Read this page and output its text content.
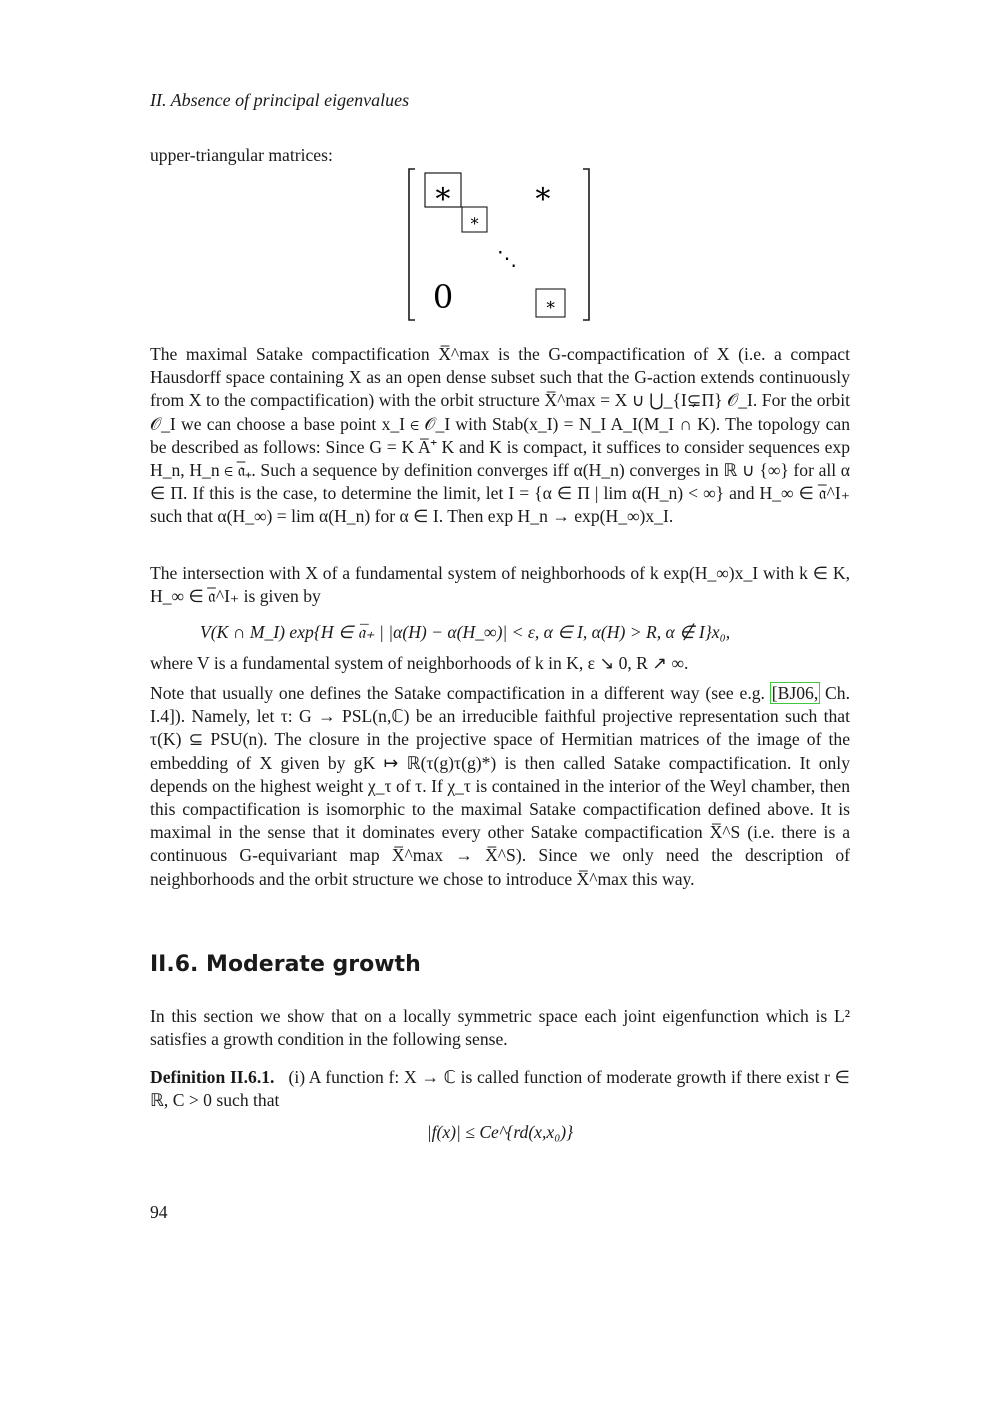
II. Absence of principal eigenvalues
upper-triangular matrices:
∗	∗
∗
⋱
0	∗

The maximal Satake compactification X̅^max is the G-compactification of X (i.e. a compact Hausdorff space containing X as an open dense subset such that the G-action extends continuously from X to the compactification) with the orbit structure X̅^max = X ∪ ⋃_{I⊊Π} 𝒪_I. For the orbit 𝒪_I we can choose a base point x_I ∈ 𝒪_I with Stab(x_I) = N_I A_I(M_I ∩ K). The topology can be described as follows: Since G = K A̅⁺ K and K is compact, it suffices to consider sequences exp H_n, H_n ∈ 𝔞̅₊. Such a sequence by definition converges iff α(H_n) converges in ℝ ∪ {∞} for all α ∈ Π. If this is the case, to determine the limit, let I = {α ∈ Π | lim α(H_n) < ∞} and H_∞ ∈ 𝔞̅^I₊ such that α(H_∞) = lim α(H_n) for α ∈ I. Then exp H_n → exp(H_∞)x_I.

The intersection with X of a fundamental system of neighborhoods of k exp(H_∞)x_I with k ∈ K, H_∞ ∈ 𝔞̅^I₊ is given by

V(K ∩ M_I) exp{H ∈ 𝔞̅₊ | |α(H) − α(H_∞)| < ε, α ∈ I, α(H) > R, α ∉ I}x₀,

where V is a fundamental system of neighborhoods of k in K, ε ↘ 0, R ↗ ∞.

Note that usually one defines the Satake compactification in a different way (see e.g. [BJ06, Ch. I.4]). Namely, let τ: G → PSL(n,ℂ) be an irreducible faithful projective representation such that τ(K) ⊆ PSU(n). The closure in the projective space of Hermitian matrices of the image of the embedding of X given by gK ↦ ℝ(τ(g)τ(g)*) is then called Satake compactification. It only depends on the highest weight χ_τ of τ. If χ_τ is contained in the interior of the Weyl chamber, then this compactification is isomorphic to the maximal Satake compactification defined above. It is maximal in the sense that it dominates every other Satake compactification X̅^S (i.e. there is a continuous G-equivariant map X̅^max → X̅^S). Since we only need the description of neighborhoods and the orbit structure we chose to introduce X̅^max this way.

II.6. Moderate growth

In this section we show that on a locally symmetric space each joint eigenfunction which is L² satisfies a growth condition in the following sense.

Definition II.6.1. (i) A function f: X → ℂ is called function of moderate growth if there exist r ∈ ℝ, C > 0 such that

|f(x)| ≤ Ce^{rd(x,x₀)}
94
